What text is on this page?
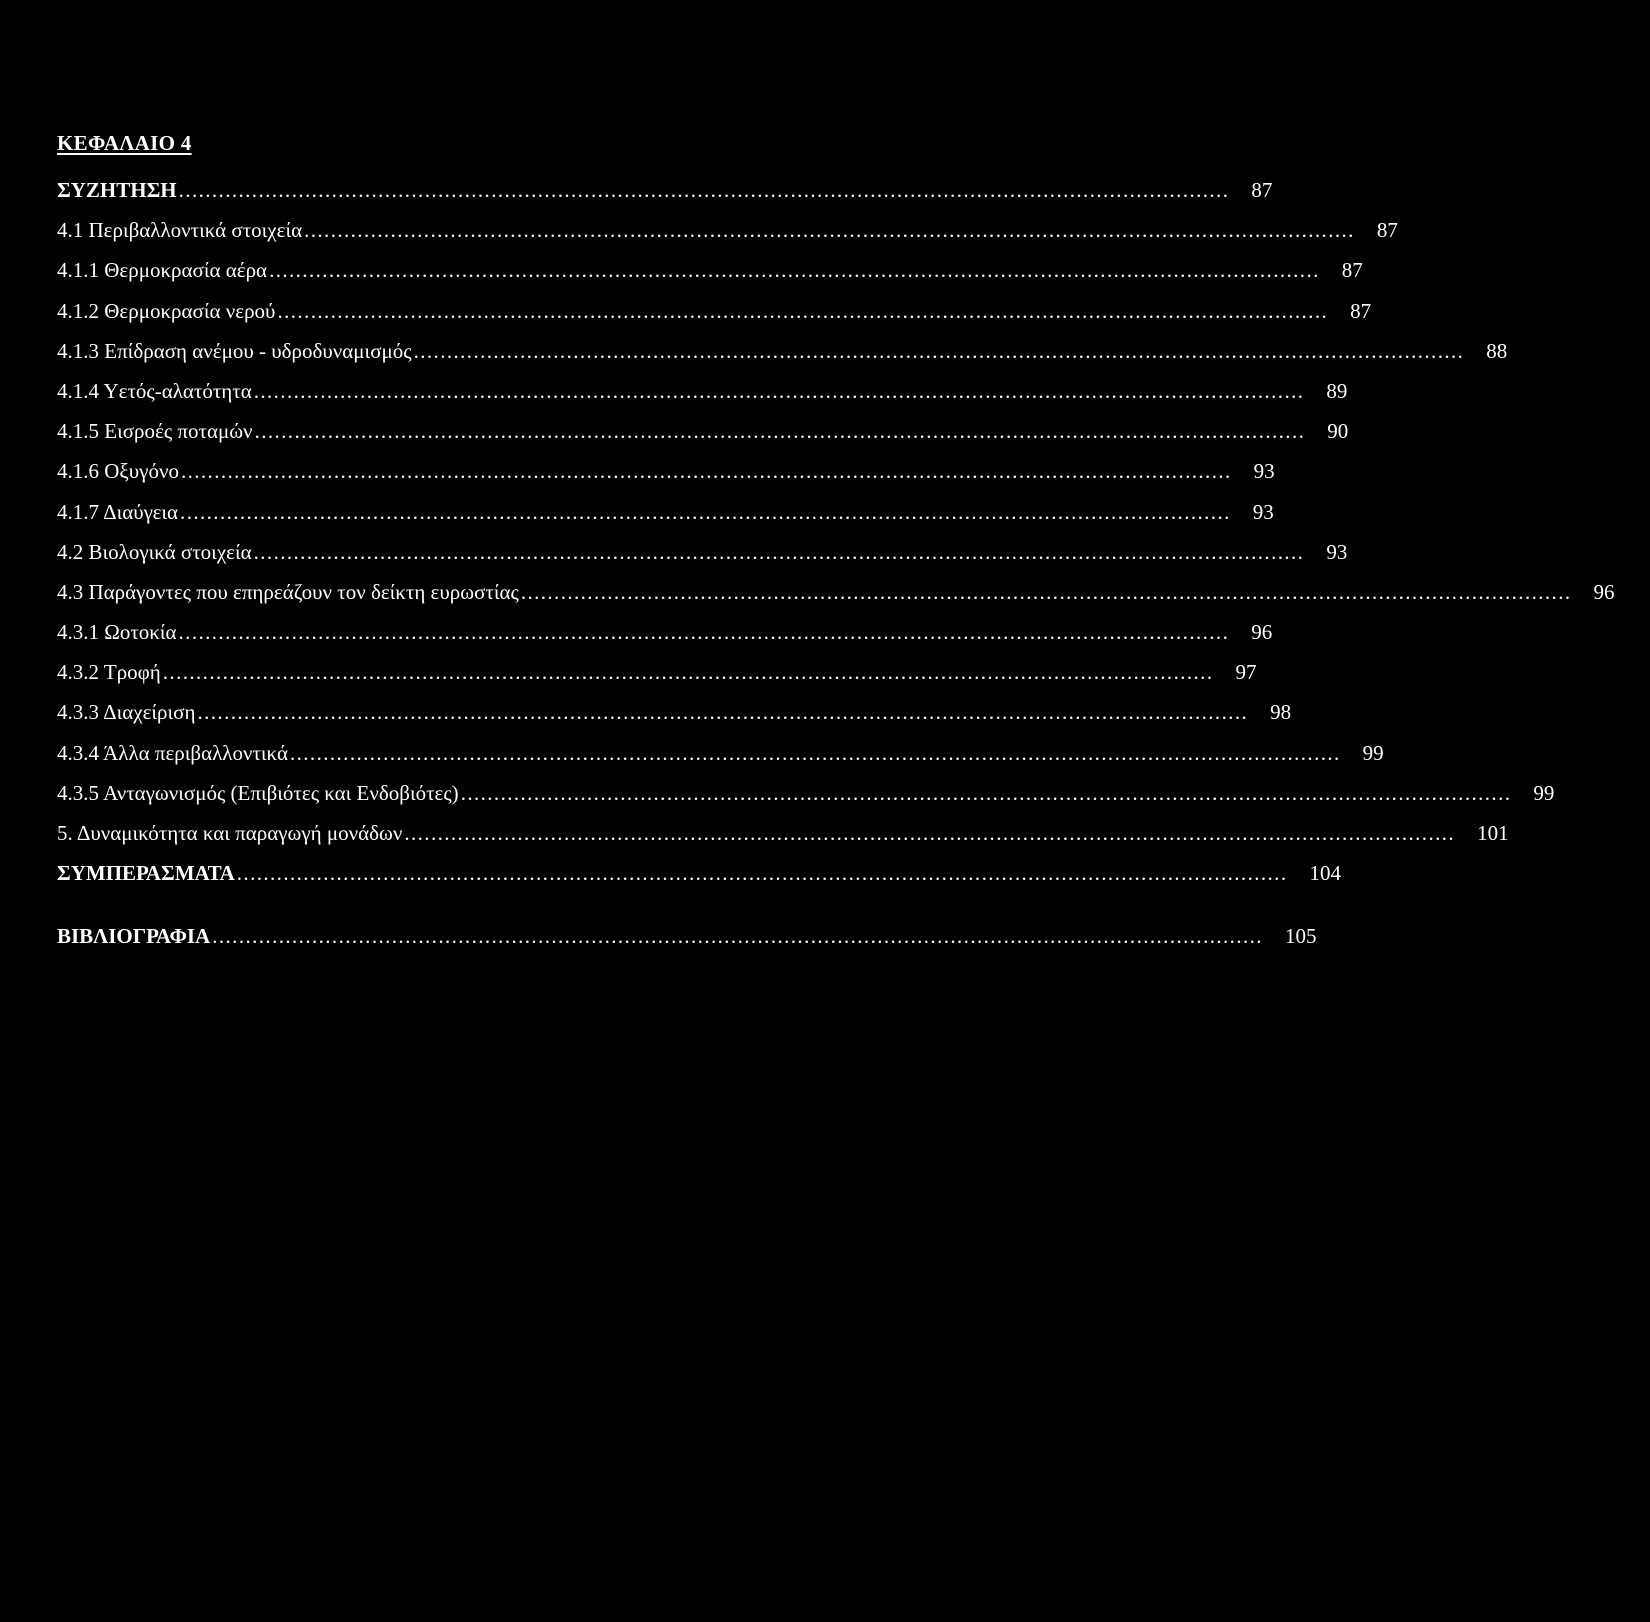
ΚΕΦΑΛΑΙΟ 4
ΣΥΖΗΤΗΣΗ ..............................................................................................................................................................	87
4.1 Περιβαλλοντικά στοιχεία ..............................................................................................................................................................	87
4.1.1 Θερμοκρασία αέρα ..............................................................................................................................................................	87
4.1.2 Θερμοκρασία νερού ..............................................................................................................................................................	87
4.1.3 Επίδραση ανέμου - υδροδυναμισμός ..............................................................................................................................................................	88
4.1.4 Υετός-αλατότητα ..............................................................................................................................................................	89
4.1.5 Εισροές ποταμών ..............................................................................................................................................................	90
4.1.6 Οξυγόνο ..............................................................................................................................................................	93
4.1.7 Διαύγεια ..............................................................................................................................................................	93
4.2 Βιολογικά στοιχεία ..............................................................................................................................................................	93
4.3 Παράγοντες που επηρεάζουν τον δείκτη ευρωστίας ..............................................................................................................................................................	96
4.3.1 Ωοτοκία ..............................................................................................................................................................	96
4.3.2 Τροφή ..............................................................................................................................................................	97
4.3.3 Διαχείριση ..............................................................................................................................................................	98
4.3.4 Άλλα περιβαλλοντικά ..............................................................................................................................................................	99
4.3.5 Ανταγωνισμός (Επιβιότες και Ενδοβιότες) ..............................................................................................................................................................	99
5. Δυναμικότητα και παραγωγή μονάδων ..............................................................................................................................................................	101
ΣΥΜΠΕΡΑΣΜΑΤΑ ..............................................................................................................................................................	104
ΒΙΒΛΙΟΓΡΑΦΙΑ ..............................................................................................................................................................	105
